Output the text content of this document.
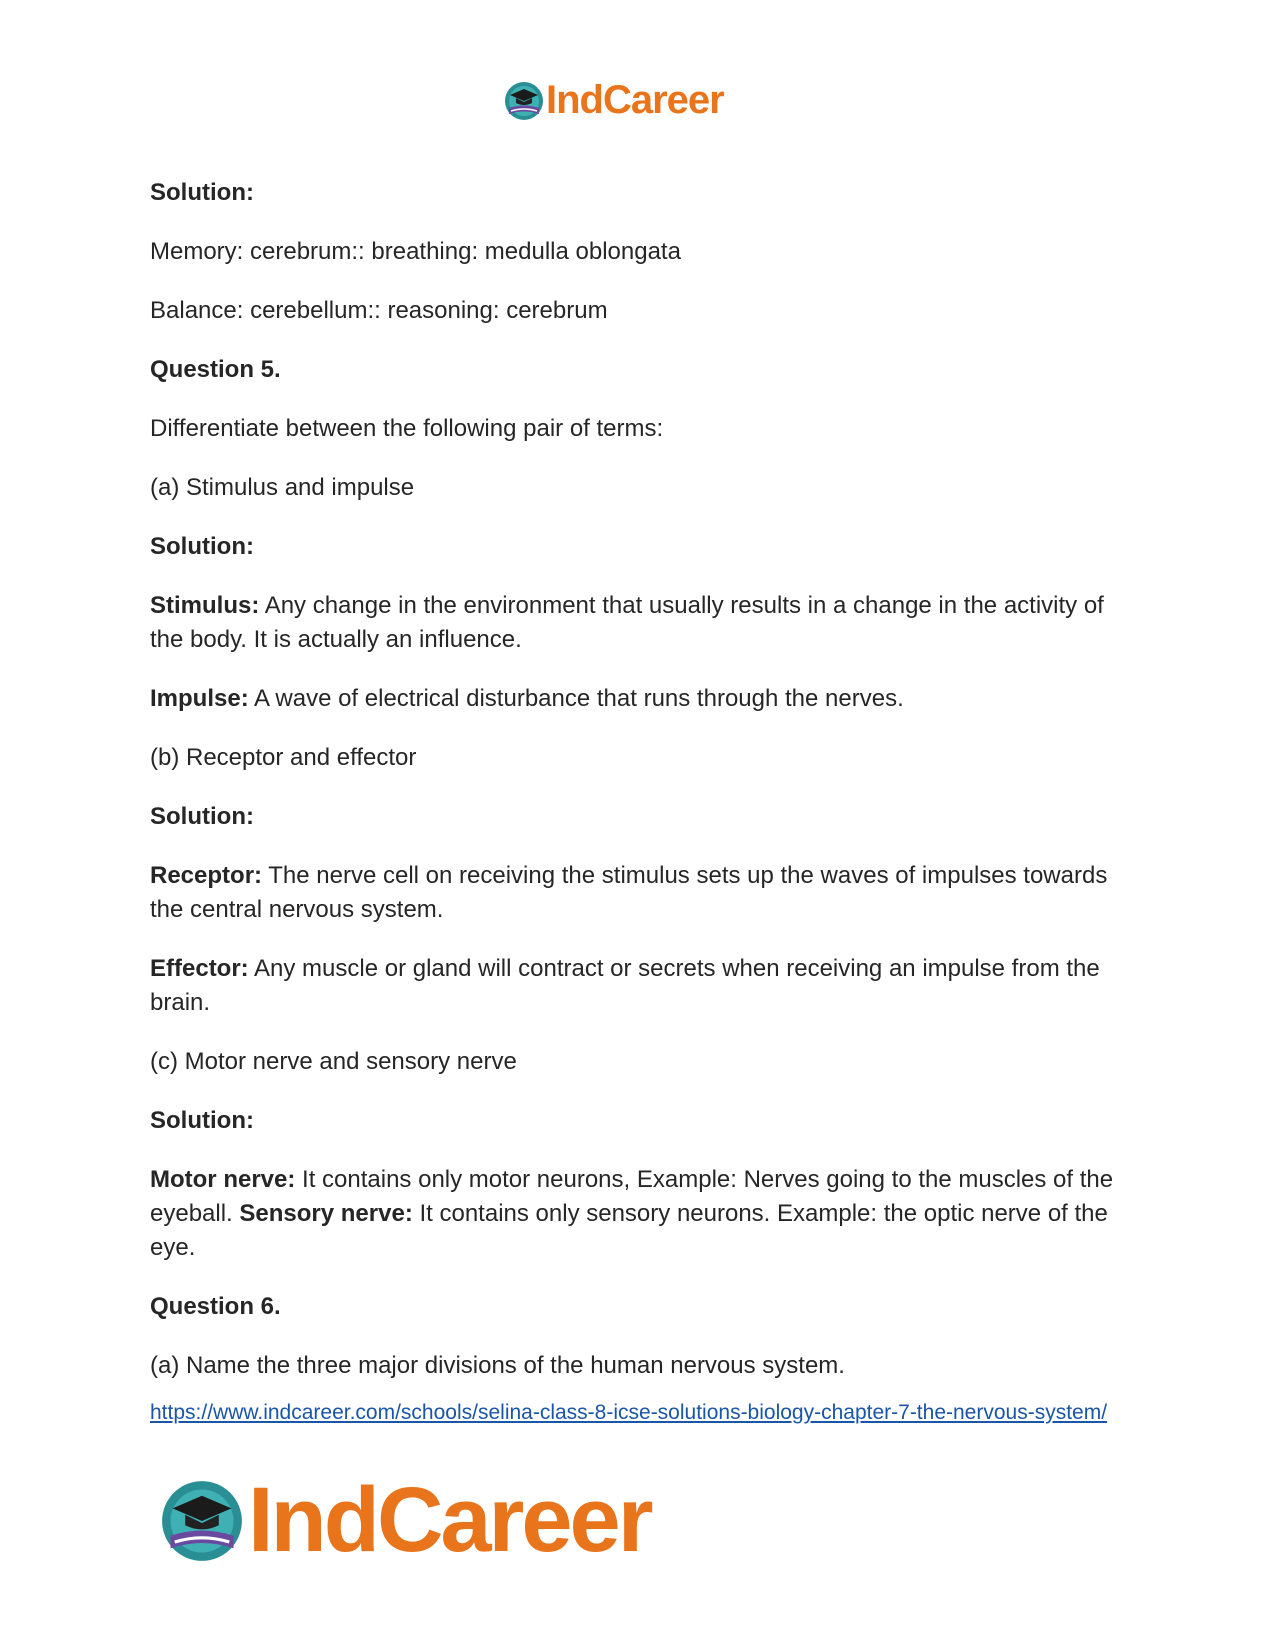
IndCareer

Solution:

Memory: cerebrum:: breathing: medulla oblongata

Balance: cerebellum:: reasoning: cerebrum

Question 5.

Differentiate between the following pair of terms:

(a) Stimulus and impulse

Solution:

Stimulus: Any change in the environment that usually results in a change in the activity of the body. It is actually an influence.

Impulse: A wave of electrical disturbance that runs through the nerves.

(b) Receptor and effector

Solution:

Receptor: The nerve cell on receiving the stimulus sets up the waves of impulses towards the central nervous system.

Effector: Any muscle or gland will contract or secrets when receiving an impulse from the brain.

(c) Motor nerve and sensory nerve

Solution:

Motor nerve: It contains only motor neurons, Example: Nerves going to the muscles of the eyeball. Sensory nerve: It contains only sensory neurons. Example: the optic nerve of the eye.

Question 6.

(a) Name the three major divisions of the human nervous system.

https://www.indcareer.com/schools/selina-class-8-icse-solutions-biology-chapter-7-the-nervous-system/
IndCareer
